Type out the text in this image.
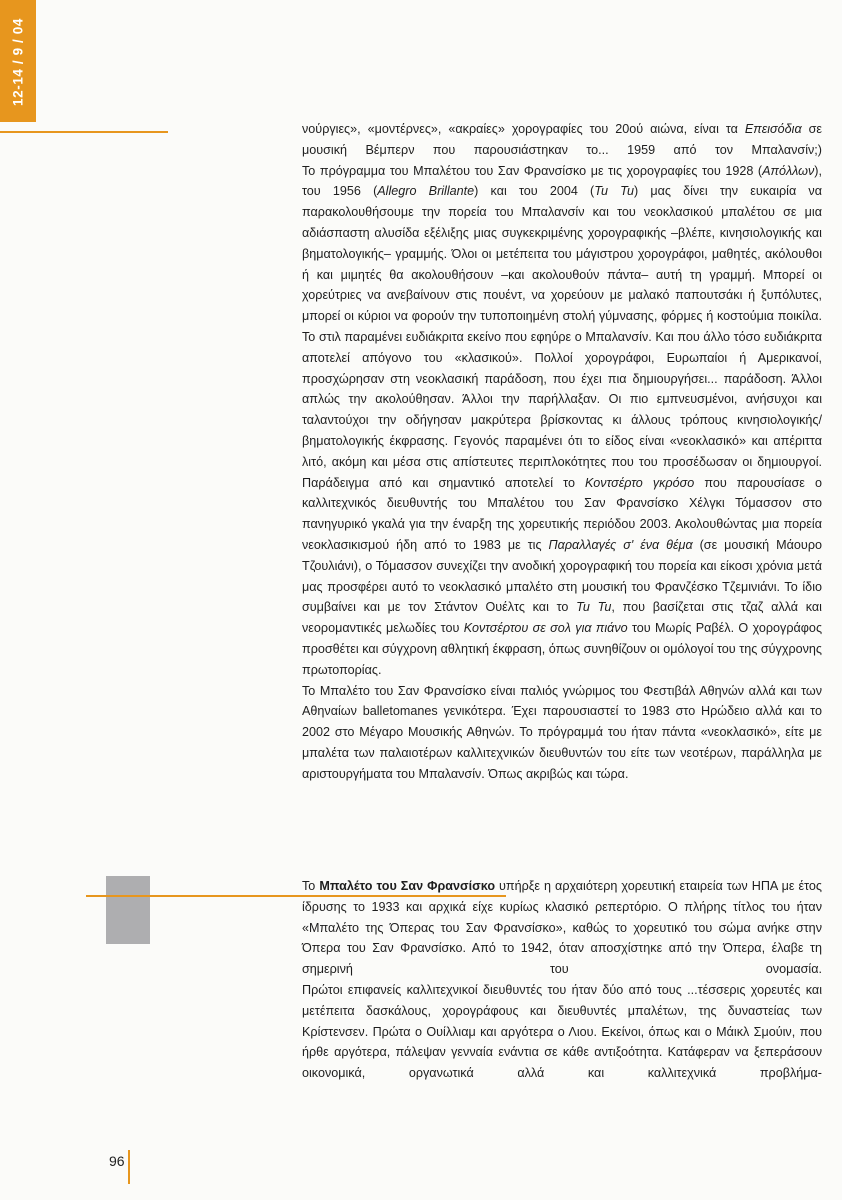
12-14 / 9 / 04

νούργιες», «μοντέρνες», «ακραίες» χορογραφίες του 20ού αιώνα, είναι τα Επεισόδια σε μουσική Βέμπερν που παρουσιάστηκαν το... 1959 από τον Μπαλανσίν;)

Το πρόγραμμα του Μπαλέτου του Σαν Φρανσίσκο με τις χορογραφίες του 1928 (Απόλλων), του 1956 (Allegro Brillante) και του 2004 (Tu Tu) μας δίνει την ευκαιρία να παρακολουθήσουμε την πορεία του Μπαλανσίν και του νεοκλασικού μπαλέτου σε μια αδιάσπαστη αλυσίδα εξέλιξης μιας συγκεκριμένης χορογραφικής –βλέπε, κινησιολογικής και βηματολογικής– γραμμής. Όλοι οι μετέπειτα του μάγιστρου χορογράφοι, μαθητές, ακόλουθοι ή και μιμητές θα ακολουθήσουν –και ακολουθούν πάντα– αυτή τη γραμμή. Μπορεί οι χορεύτριες να ανεβαίνουν στις πουέντ, να χορεύουν με μαλακό παπουτσάκι ή ξυπόλυτες, μπορεί οι κύριοι να φορούν την τυποποιημένη στολή γύμνασης, φόρμες ή κοστούμια ποικίλα. Το στιλ παραμένει ευδιάκριτα εκείνο που εφηύρε ο Μπαλανσίν. Και που άλλο τόσο ευδιάκριτα αποτελεί απόγονο του «κλασικού». Πολλοί χορογράφοι, Ευρωπαίοι ή Αμερικανοί, προσχώρησαν στη νεοκλασική παράδοση, που έχει πια δημιουργήσει... παράδοση. Άλλοι απλώς την ακολούθησαν. Άλλοι την παρήλλαξαν. Οι πιο εμπνευσμένοι, ανήσυχοι και ταλαντούχοι την οδήγησαν μακρύτερα βρίσκοντας κι άλλους τρόπους κινησιολογικής/βηματολογικής έκφρασης. Γεγονός παραμένει ότι το είδος είναι «νεοκλασικό» και απέριττα λιτό, ακόμη και μέσα στις απίστευτες περιπλοκότητες που του προσέδωσαν οι δημιουργοί. Παράδειγμα από και σημαντικό αποτελεί το Κοντσέρτο γκρόσο που παρουσίασε ο καλλιτεχνικός διευθυντής του Μπαλέτου του Σαν Φρανσίσκο Χέλγκι Τόμασσον στο πανηγυρικό γκαλά για την έναρξη της χορευτικής περιόδου 2003. Ακολουθώντας μια πορεία νεοκλασικισμού ήδη από το 1983 με τις Παραλλαγές σ' ένα θέμα (σε μουσική Μάουρο Τζουλιάνι), ο Τόμασσον συνεχίζει την ανοδική χορογραφική του πορεία και είκοσι χρόνια μετά μας προσφέρει αυτό το νεοκλασικό μπαλέτο στη μουσική του Φρανζέσκο Τζεμινιάνι. Το ίδιο συμβαίνει και με τον Στάντον Ουέλτς και το Tu Tu, που βασίζεται στις τζαζ αλλά και νεορομαντικές μελωδίες του Κοντσέρτου σε σολ για πιάνο του Μωρίς Ραβέλ. Ο χορογράφος προσθέτει και σύγχρονη αθλητική έκφραση, όπως συνηθίζουν οι ομόλογοί του της σύγχρονης πρωτοπορίας.

Το Μπαλέτο του Σαν Φρανσίσκο είναι παλιός γνώριμος του Φεστιβάλ Αθηνών αλλά και των Αθηναίων balletomanes γενικότερα. Έχει παρουσιαστεί το 1983 στο Ηρώδειο αλλά και το 2002 στο Μέγαρο Μουσικής Αθηνών. Το πρόγραμμά του ήταν πάντα «νεοκλασικό», είτε με μπαλέτα των παλαιοτέρων καλλιτεχνικών διευθυντών του είτε των νεοτέρων, παράλληλα με αριστουργήματα του Μπαλανσίν. Όπως ακριβώς και τώρα.

Το Μπαλέτο του Σαν Φρανσίσκο υπήρξε η αρχαιότερη χορευτική εταιρεία των ΗΠΑ με έτος ίδρυσης το 1933 και αρχικά είχε κυρίως κλασικό ρεπερτόριο. Ο πλήρης τίτλος του ήταν «Μπαλέτο της Όπερας του Σαν Φρανσίσκο», καθώς το χορευτικό του σώμα ανήκε στην Όπερα του Σαν Φρανσίσκο. Από το 1942, όταν αποσχίστηκε από την Όπερα, έλαβε τη σημερινή του ονομασία.

Πρώτοι επιφανείς καλλιτεχνικοί διευθυντές του ήταν δύο από τους ...τέσσερις χορευτές και μετέπειτα δασκάλους, χορογράφους και διευθυντές μπαλέτων, της δυναστείας των Κρίστενσεν. Πρώτα ο Ουίλλιαμ και αργότερα ο Λιου. Εκείνοι, όπως και ο Μάικλ Σμούιν, που ήρθε αργότερα, πάλεψαν γενναία ενάντια σε κάθε αντιξοότητα. Κατάφεραν να ξεπεράσουν οικονομικά, οργανωτικά αλλά και καλλιτεχνικά προβλήμα-

96
